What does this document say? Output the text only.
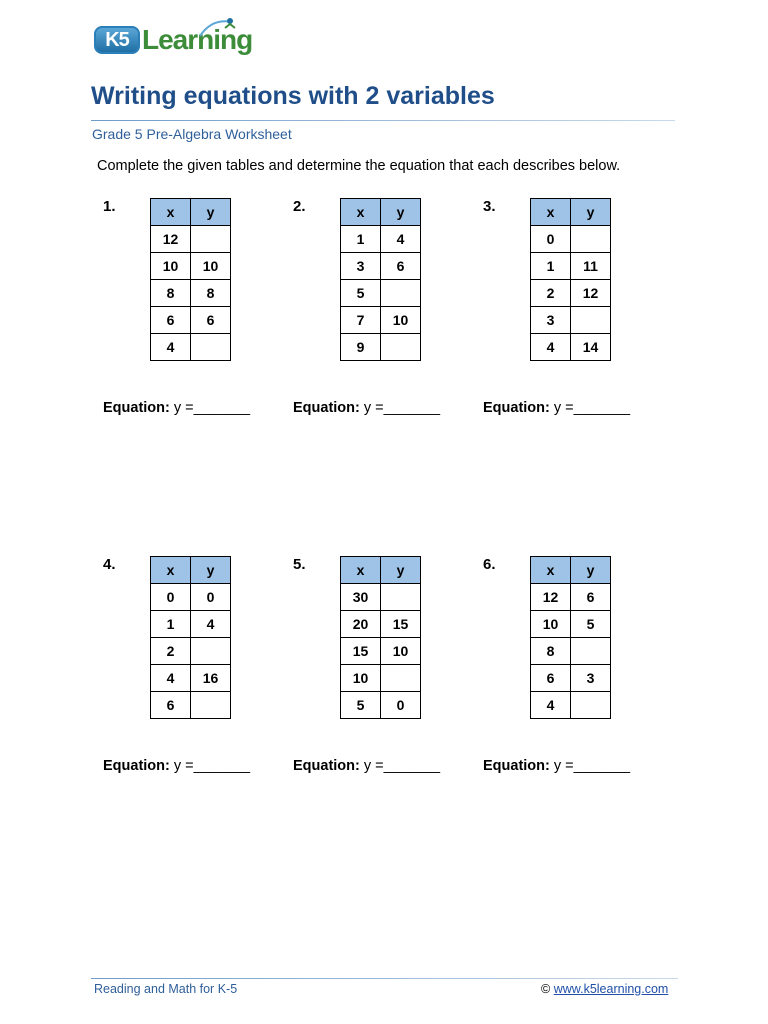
K5 Learning
Writing equations with 2 variables
Grade 5 Pre-Algebra Worksheet
Complete the given tables and determine the equation that each describes below.
1.	x	y
12	
10	10
8	8
6	6
4	
Equation: y =_______
2.	x	y
1	4
3	6
5	
7	10
9	
Equation: y =_______
3.	x	y
0	
1	11
2	12
3	
4	14
Equation: y =_______
4.	x	y
0	0
1	4
2	
4	16
6	
Equation: y =_______
5.	x	y
30	
20	15
15	10
10	
5	0
Equation: y =_______
6.	x	y
12	6
10	5
8	
6	3
4	
Equation: y =_______
Reading and Math for K-5	© www.k5learning.com
